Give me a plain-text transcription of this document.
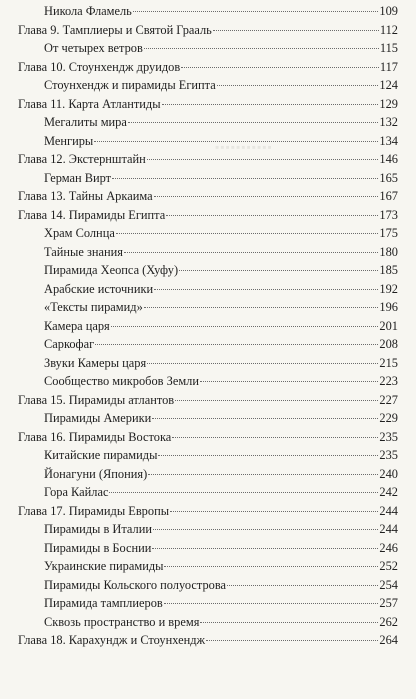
▪▪▪▪▪▪▪▪▪▪▪
Никола Фламель	109
Глава 9. Тамплиеры и Святой Грааль	112
От четырех ветров	115
Глава 10. Стоунхендж друидов	117
Стоунхендж и пирамиды Египта	124
Глава 11. Карта Атлантиды	129
Мегалиты мира	132
Менгиры	134
Глава 12. Экстернштайн	146
Герман Вирт	165
Глава 13. Тайны Аркаима	167
Глава 14. Пирамиды Египта	173
Храм Солнца	175
Тайные знания	180
Пирамида Хеопса (Хуфу)	185
Арабские источники	192
«Тексты пирамид»	196
Камера царя	201
Саркофаг	208
Звуки Камеры царя	215
Сообщество микробов Земли	223
Глава 15. Пирамиды атлантов	227
Пирамиды Америки	229
Глава 16. Пирамиды Востока	235
Китайские пирамиды	235
Йонагуни (Япония)	240
Гора Кайлас	242
Глава 17. Пирамиды Европы	244
Пирамиды в Италии	244
Пирамиды в Боснии	246
Украинские пирамиды	252
Пирамиды Кольского полуострова	254
Пирамида тамплиеров	257
Сквозь пространство и время	262
Глава 18. Карахундж и Стоунхендж	264
